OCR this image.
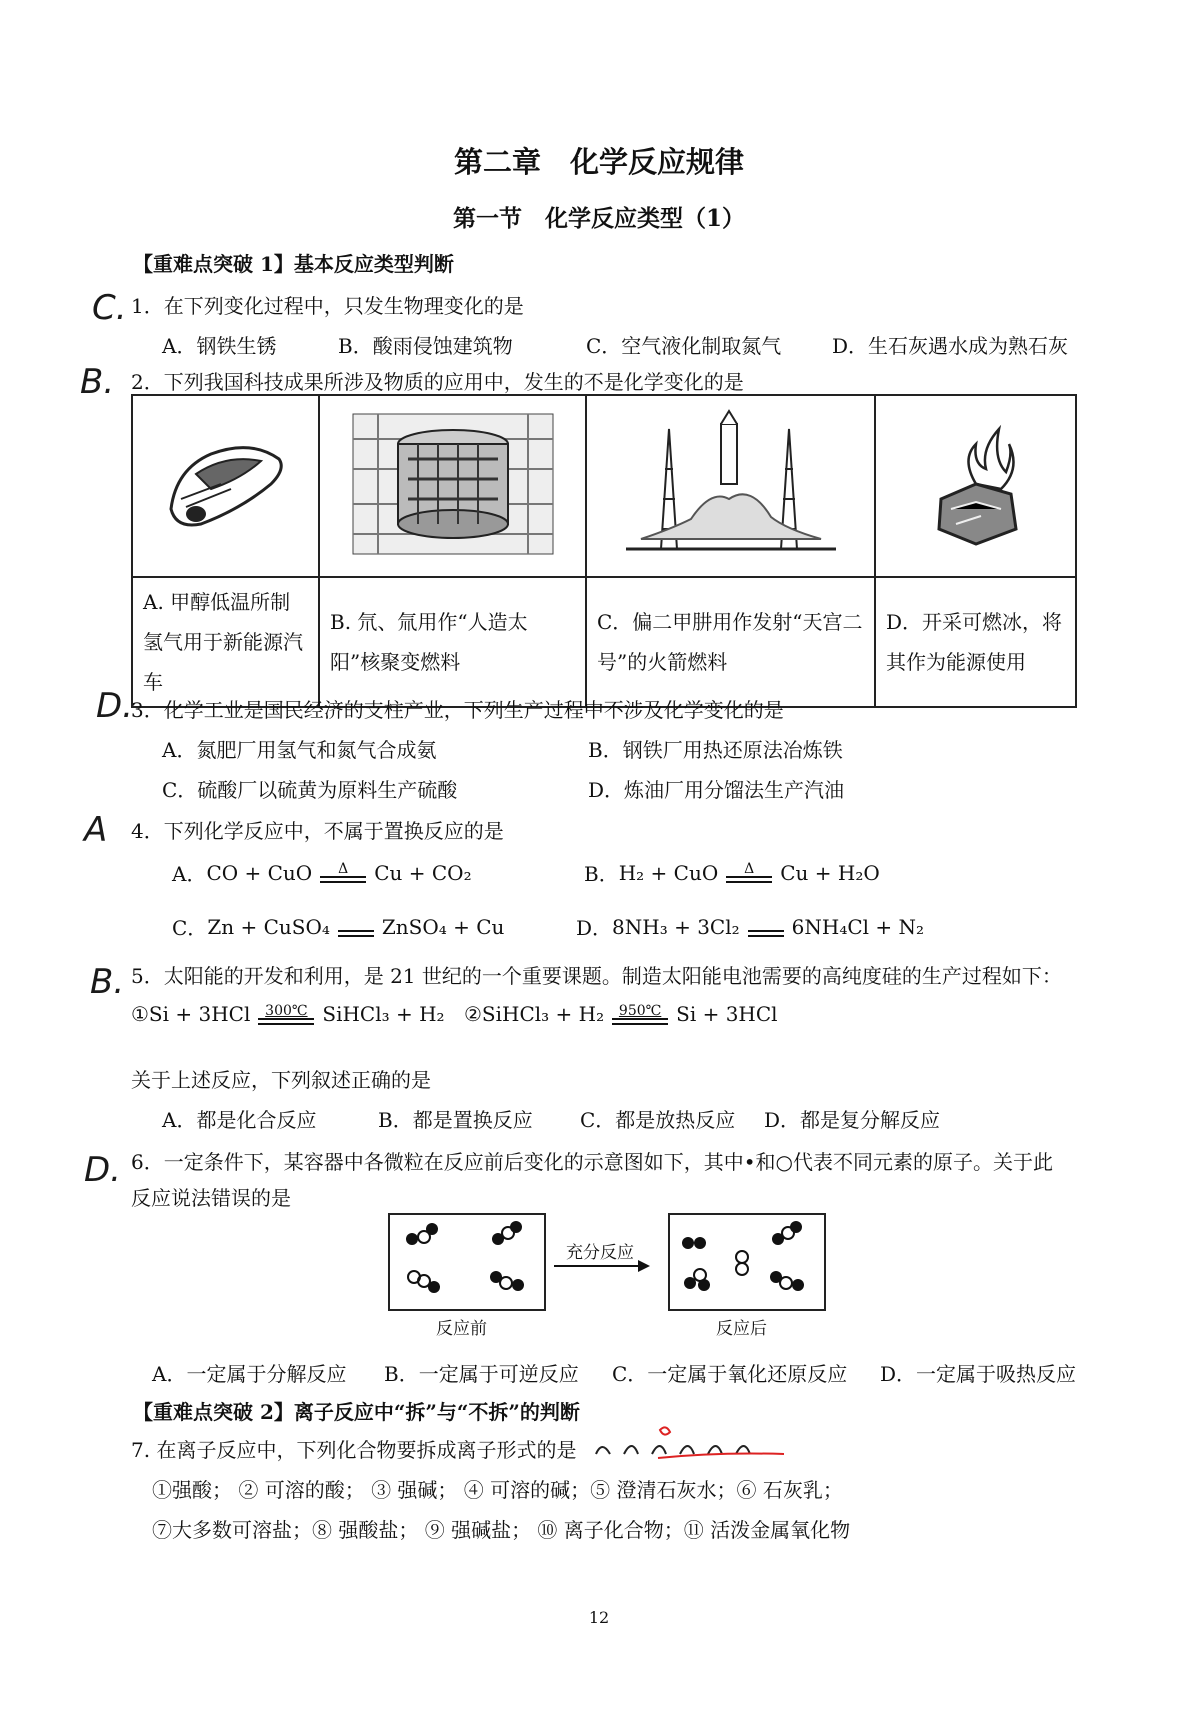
第二章　化学反应规律
第一节　化学反应类型（1）
【重难点突破 1】基本反应类型判断
C. 1．在下列变化过程中，只发生物理变化的是
A．钢铁生锈	B．酸雨侵蚀建筑物	C．空气液化制取氮气	D．生石灰遇水成为熟石灰
B. 2．下列我国科技成果所涉及物质的应用中，发生的不是化学变化的是

A. 甲醇低温所制氢气用于新能源汽车	B. 氘、氚用作“人造太阳”核聚变燃料	C．偏二甲肼用作发射“天宫二号”的火箭燃料	D．开采可燃冰，将其作为能源使用
D.
3．化学工业是国民经济的支柱产业，下列生产过程中不涉及化学变化的是
A．氮肥厂用氢气和氮气合成氨	B．钢铁厂用热还原法冶炼铁
C．硫酸厂以硫黄为原料生产硫酸	D．炼油厂用分馏法生产汽油
A 4．下列化学反应中，不属于置换反应的是
A． CO + CuO Δ Cu + CO₂	B． H₂ + CuO Δ Cu + H₂O
C． Zn + CuSO₄	ZnSO₄ + Cu	D． 8NH₃ + 3Cl₂	6NH₄Cl + N₂
B. 5．太阳能的开发和利用，是 21 世纪的一个重要课题。制造太阳能电池需要的高纯度硅的生产过程如下：
①Si + 3HCl 300℃ SiHCl₃ + H₂ ②SiHCl₃ + H₂ 950℃ Si + 3HCl
关于上述反应，下列叙述正确的是
A．都是化合反应	B．都是置换反应 C．都是放热反应 D．都是复分解反应
D. 6．一定条件下，某容器中各微粒在反应前后变化的示意图如下，其中•和○代表不同元素的原子。关于此
反应说法错误的是
反应前
充分反应
反应后
A．一定属于分解反应 B．一定属于可逆反应 C．一定属于氧化还原反应 D．一定属于吸热反应
【重难点突破 2】离子反应中“拆”与“不拆”的判断
7. 在离子反应中，下列化合物要拆成离子形式的是
①强酸； ② 可溶的酸； ③ 强碱； ④ 可溶的碱；⑤ 澄清石灰水；⑥ 石灰乳；
⑦大多数可溶盐；⑧ 强酸盐； ⑨ 强碱盐； ⑩ 离子化合物；⑪ 活泼金属氧化物
12
